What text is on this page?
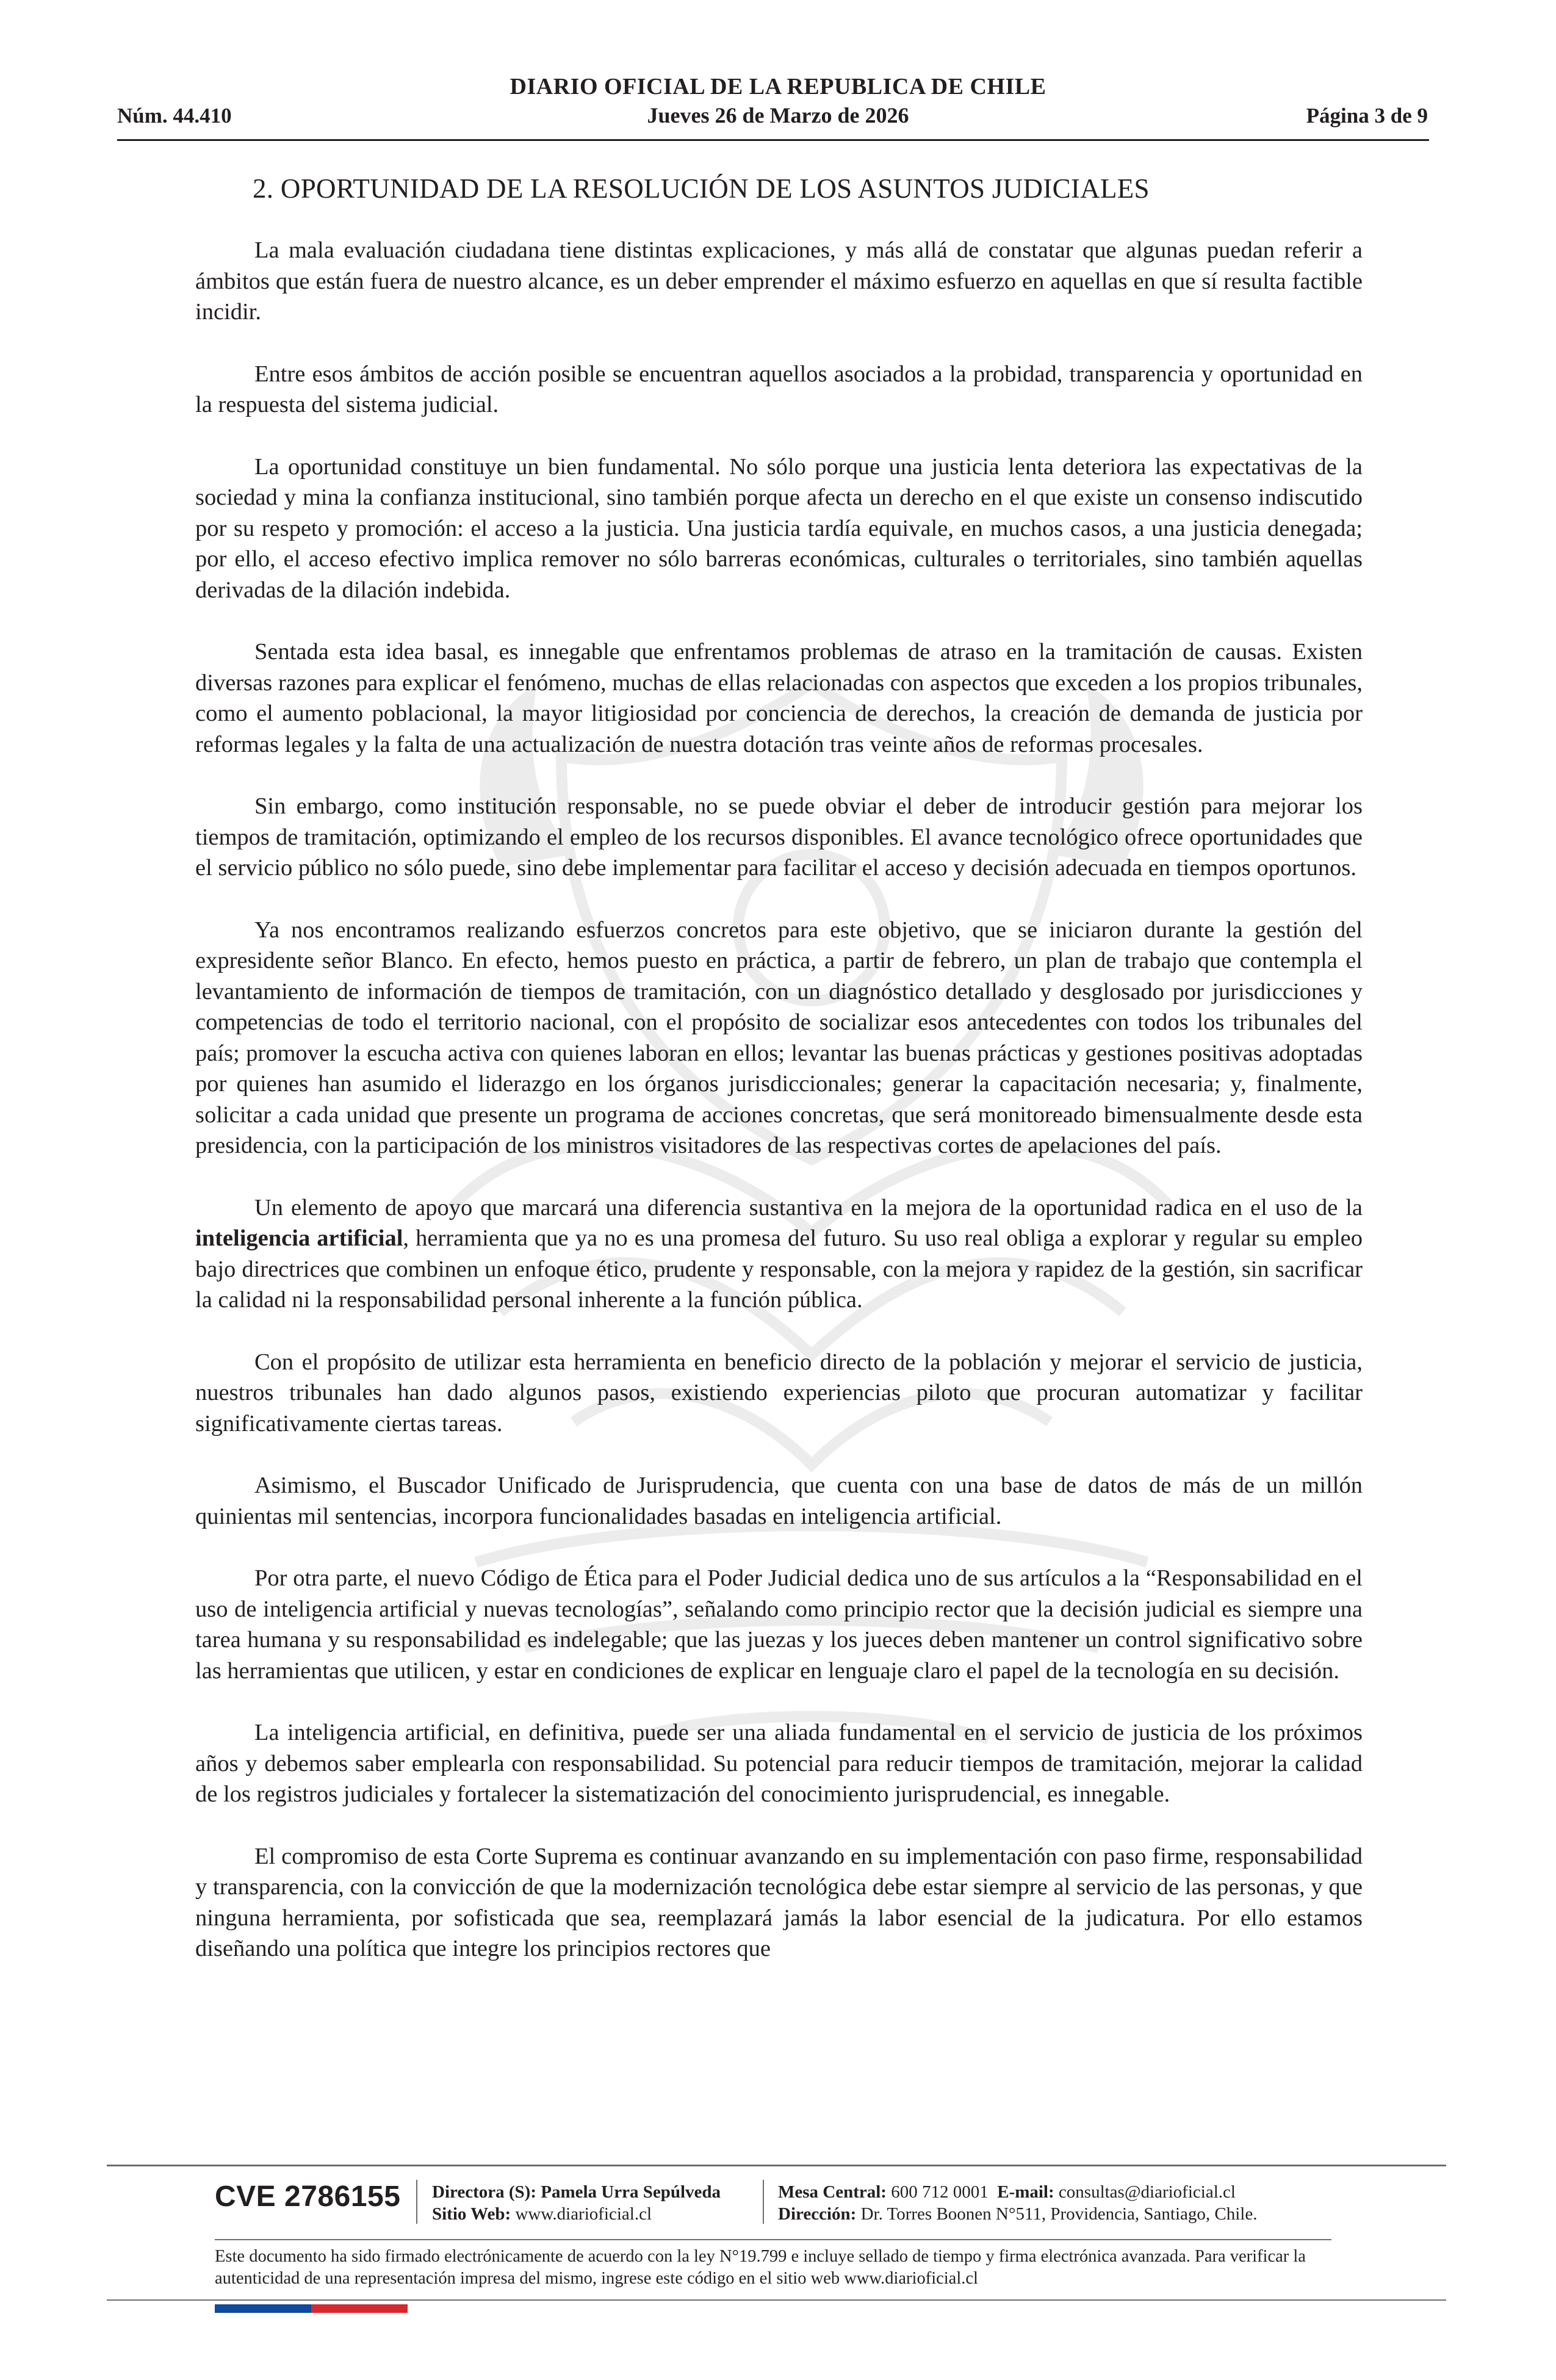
DIARIO OFICIAL DE LA REPUBLICA DE CHILE
Jueves 26 de Marzo de 2026
Núm. 44.410	Página 3 de 9
2. OPORTUNIDAD DE LA RESOLUCIÓN DE LOS ASUNTOS JUDICIALES

La mala evaluación ciudadana tiene distintas explicaciones, y más allá de constatar que algunas puedan referir a ámbitos que están fuera de nuestro alcance, es un deber emprender el máximo esfuerzo en aquellas en que sí resulta factible incidir.

Entre esos ámbitos de acción posible se encuentran aquellos asociados a la probidad, transparencia y oportunidad en la respuesta del sistema judicial.

La oportunidad constituye un bien fundamental. No sólo porque una justicia lenta deteriora las expectativas de la sociedad y mina la confianza institucional, sino también porque afecta un derecho en el que existe un consenso indiscutido por su respeto y promoción: el acceso a la justicia. Una justicia tardía equivale, en muchos casos, a una justicia denegada; por ello, el acceso efectivo implica remover no sólo barreras económicas, culturales o territoriales, sino también aquellas derivadas de la dilación indebida.

Sentada esta idea basal, es innegable que enfrentamos problemas de atraso en la tramitación de causas. Existen diversas razones para explicar el fenómeno, muchas de ellas relacionadas con aspectos que exceden a los propios tribunales, como el aumento poblacional, la mayor litigiosidad por conciencia de derechos, la creación de demanda de justicia por reformas legales y la falta de una actualización de nuestra dotación tras veinte años de reformas procesales.

Sin embargo, como institución responsable, no se puede obviar el deber de introducir gestión para mejorar los tiempos de tramitación, optimizando el empleo de los recursos disponibles. El avance tecnológico ofrece oportunidades que el servicio público no sólo puede, sino debe implementar para facilitar el acceso y decisión adecuada en tiempos oportunos.

Ya nos encontramos realizando esfuerzos concretos para este objetivo, que se iniciaron durante la gestión del expresidente señor Blanco. En efecto, hemos puesto en práctica, a partir de febrero, un plan de trabajo que contempla el levantamiento de información de tiempos de tramitación, con un diagnóstico detallado y desglosado por jurisdicciones y competencias de todo el territorio nacional, con el propósito de socializar esos antecedentes con todos los tribunales del país; promover la escucha activa con quienes laboran en ellos; levantar las buenas prácticas y gestiones positivas adoptadas por quienes han asumido el liderazgo en los órganos jurisdiccionales; generar la capacitación necesaria; y, finalmente, solicitar a cada unidad que presente un programa de acciones concretas, que será monitoreado bimensualmente desde esta presidencia, con la participación de los ministros visitadores de las respectivas cortes de apelaciones del país.

Un elemento de apoyo que marcará una diferencia sustantiva en la mejora de la oportunidad radica en el uso de la inteligencia artificial, herramienta que ya no es una promesa del futuro. Su uso real obliga a explorar y regular su empleo bajo directrices que combinen un enfoque ético, prudente y responsable, con la mejora y rapidez de la gestión, sin sacrificar la calidad ni la responsabilidad personal inherente a la función pública.

Con el propósito de utilizar esta herramienta en beneficio directo de la población y mejorar el servicio de justicia, nuestros tribunales han dado algunos pasos, existiendo experiencias piloto que procuran automatizar y facilitar significativamente ciertas tareas.

Asimismo, el Buscador Unificado de Jurisprudencia, que cuenta con una base de datos de más de un millón quinientas mil sentencias, incorpora funcionalidades basadas en inteligencia artificial.

Por otra parte, el nuevo Código de Ética para el Poder Judicial dedica uno de sus artículos a la “Responsabilidad en el uso de inteligencia artificial y nuevas tecnologías”, señalando como principio rector que la decisión judicial es siempre una tarea humana y su responsabilidad es indelegable; que las juezas y los jueces deben mantener un control significativo sobre las herramientas que utilicen, y estar en condiciones de explicar en lenguaje claro el papel de la tecnología en su decisión.

La inteligencia artificial, en definitiva, puede ser una aliada fundamental en el servicio de justicia de los próximos años y debemos saber emplearla con responsabilidad. Su potencial para reducir tiempos de tramitación, mejorar la calidad de los registros judiciales y fortalecer la sistematización del conocimiento jurisprudencial, es innegable.

El compromiso de esta Corte Suprema es continuar avanzando en su implementación con paso firme, responsabilidad y transparencia, con la convicción de que la modernización tecnológica debe estar siempre al servicio de las personas, y que ninguna herramienta, por sofisticada que sea, reemplazará jamás la labor esencial de la judicatura. Por ello estamos diseñando una política que integre los principios rectores que

CVE 2786155 Directora (S): Pamela Urra Sepúlveda
Sitio Web: www.diarioficial.cl
Mesa Central: 600 712 0001 E-mail: consultas@diarioficial.cl
Dirección: Dr. Torres Boonen N°511, Providencia, Santiago, Chile.
Este documento ha sido firmado electrónicamente de acuerdo con la ley N°19.799 e incluye sellado de tiempo y firma electrónica avanzada. Para verificar la autenticidad de una representación impresa del mismo, ingrese este código en el sitio web www.diarioficial.cl
